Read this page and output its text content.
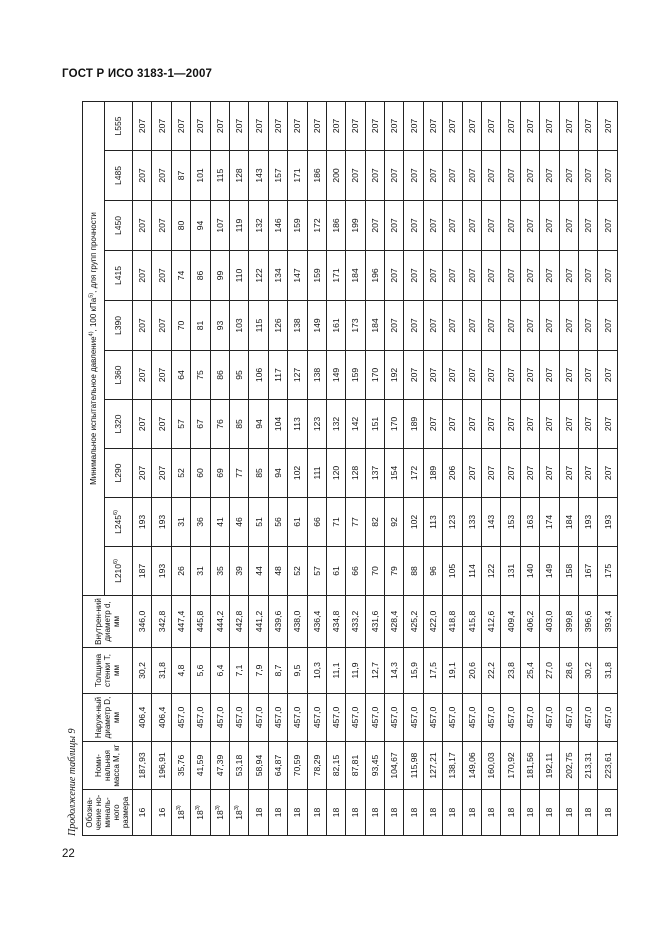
ГОСТ Р ИСО 3183-1—2007
Продолжение таблицы 9 Обозна-чение но-миналь-ного размера	Номи-нальная масса М, кг	Наруж-ный диаметр D, мм	Толщина стенки Т, мм	Внутрен-ний диаметр d, мм	Минимальное испытательное давление$^{4)}$, 100 кПа$^{5)}$, для групп прочности									
					L210$^{6)}$	L245$^{6)}$	L290	L320	L360	L390	L415	L450	L485	L555
16	187,93	406,4	30,2	346,0	187	193	207	207	207	207	207	207	207	207
16	196,91	406,4	31,8	342,8	193	193	207	207	207	207	207	207	207	207
18$^{3)}$	35,76	457,0	4,8	447,4	26	31	52	57	64	70	74	80	87	207
18$^{3)}$	41,59	457,0	5,6	445,8	31	36	60	67	75	81	86	94	101	207
18$^{3)}$	47,39	457,0	6,4	444,2	35	41	69	76	86	93	99	107	115	207
18$^{3)}$	53,18	457,0	7,1	442,8	39	46	77	85	95	103	110	119	128	207
18	58,94	457,0	7,9	441,2	44	51	85	94	106	115	122	132	143	207
18	64,87	457,0	8,7	439,6	48	56	94	104	117	126	134	146	157	207
18	70,59	457,0	9,5	438,0	52	61	102	113	127	138	147	159	171	207
18	78,29	457,0	10,3	436,4	57	66	111	123	138	149	159	172	186	207
18	82,15	457,0	11,1	434,8	61	71	120	132	149	161	171	186	200	207
18	87,81	457,0	11,9	433,2	66	77	128	142	159	173	184	199	207	207
18	93,45	457,0	12,7	431,6	70	82	137	151	170	184	196	207	207	207
18	104,67	457,0	14,3	428,4	79	92	154	170	192	207	207	207	207	207
18	115,98	457,0	15,9	425,2	88	102	172	189	207	207	207	207	207	207
18	127,21	457,0	17,5	422,0	96	113	189	207	207	207	207	207	207	207
18	138,17	457,0	19,1	418,8	105	123	206	207	207	207	207	207	207	207
18	149,06	457,0	20,6	415,8	114	133	207	207	207	207	207	207	207	207
18	160,03	457,0	22,2	412,6	122	143	207	207	207	207	207	207	207	207
18	170,92	457,0	23,8	409,4	131	153	207	207	207	207	207	207	207	207
18	181,56	457,0	25,4	406,2	140	163	207	207	207	207	207	207	207	207
18	192,11	457,0	27,0	403,0	149	174	207	207	207	207	207	207	207	207
18	202,75	457,0	28,6	399,8	158	184	207	207	207	207	207	207	207	207
18	213,31	457,0	30,2	396,6	167	193	207	207	207	207	207	207	207	207
18	223,61	457,0	31,8	393,4	175	193	207	207	207	207	207	207	207	207
22
